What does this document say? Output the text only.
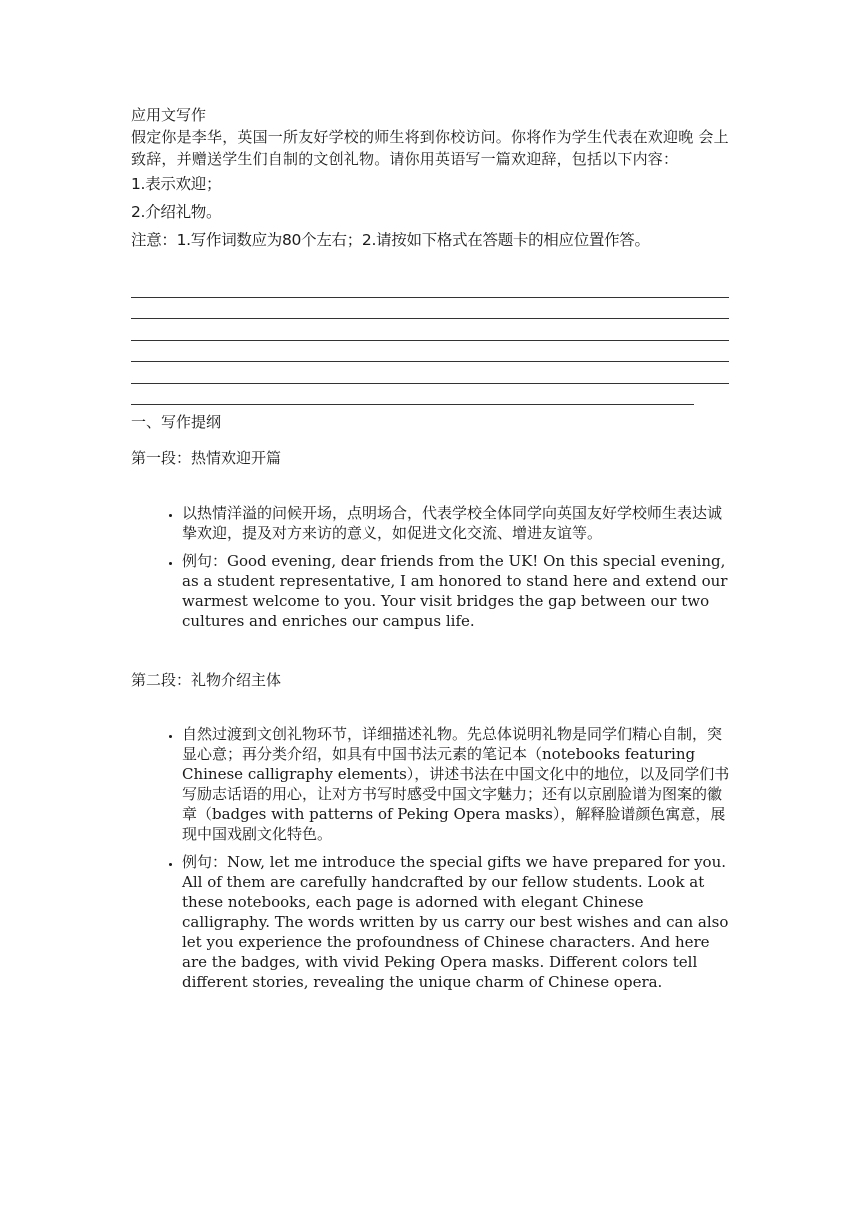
应用文写作

假定你是李华，英国一所友好学校的师生将到你校访问。你将作为学生代表在欢迎晚 会上致辞，并赠送学生们自制的文创礼物。请你用英语写一篇欢迎辞，包括以下内容：

1.表示欢迎；

2.介绍礼物。

注意：1.写作词数应为80个左右；2.请按如下格式在答题卡的相应位置作答。

一、写作提纲

第一段：热情欢迎开篇

• 以热情洋溢的问候开场，点明场合，代表学校全体同学向英国友好学校师生表达诚挚欢迎，提及对方来访的意义，如促进文化交流、增进友谊等。
• 例句：Good evening, dear friends from the UK! On this special evening, as a student representative, I am honored to stand here and extend our warmest welcome to you. Your visit bridges the gap between our two cultures and enriches our campus life.

第二段：礼物介绍主体

• 自然过渡到文创礼物环节，详细描述礼物。先总体说明礼物是同学们精心自制，突显心意；再分类介绍，如具有中国书法元素的笔记本（notebooks featuring Chinese calligraphy elements），讲述书法在中国文化中的地位，以及同学们书写励志话语的用心，让对方书写时感受中国文字魅力；还有以京剧脸谱为图案的徽章（badges with patterns of Peking Opera masks），解释脸谱颜色寓意，展现中国戏剧文化特色。
• 例句：Now, let me introduce the special gifts we have prepared for you. All of them are carefully handcrafted by our fellow students. Look at these notebooks, each page is adorned with elegant Chinese calligraphy. The words written by us carry our best wishes and can also let you experience the profoundness of Chinese characters. And here are the badges, with vivid Peking Opera masks. Different colors tell different stories, revealing the unique charm of Chinese opera.
